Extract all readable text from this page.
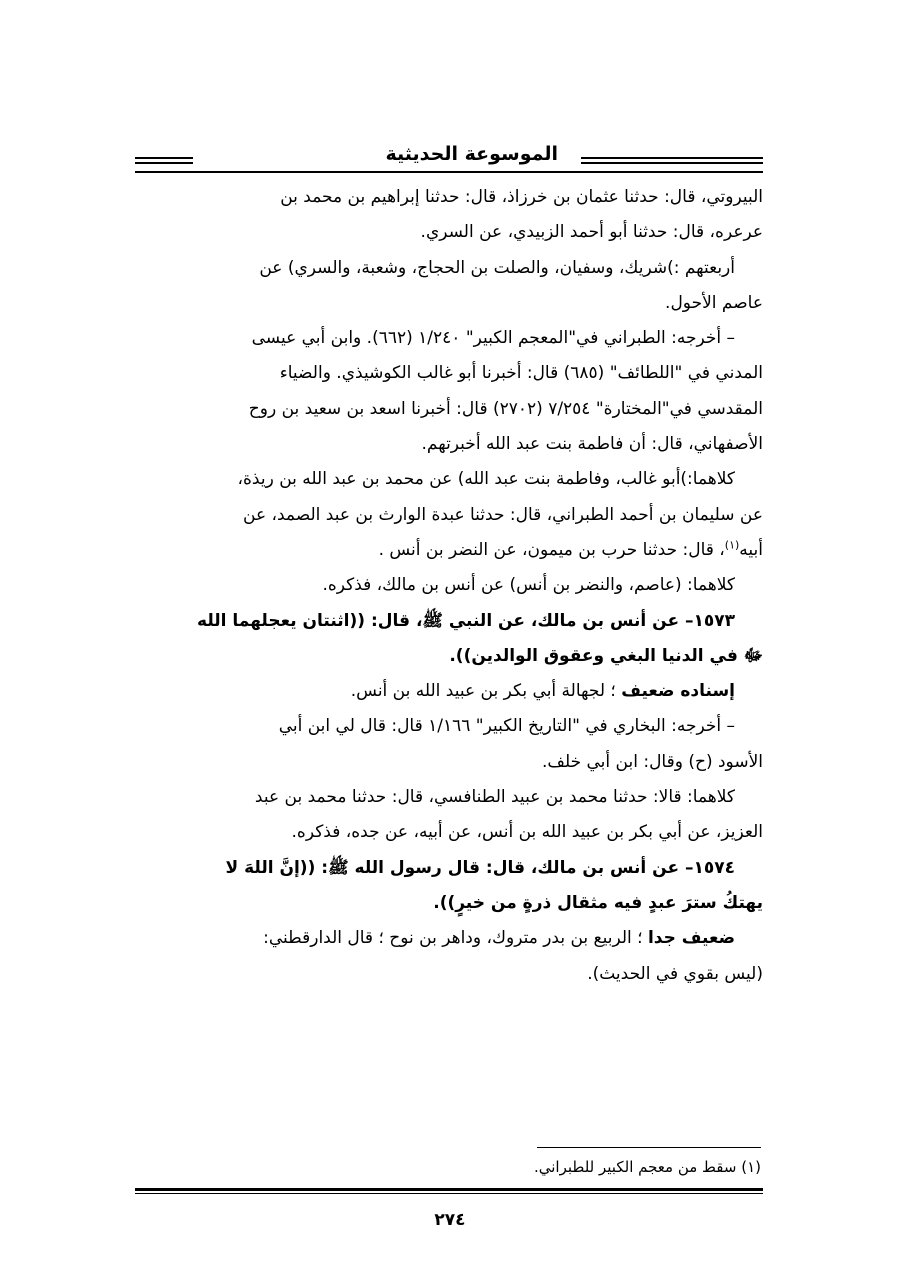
الموسوعة الحديثية

البيروتي، قال: حدثنا عثمان بن خرزاذ، قال: حدثنا إبراهيم بن محمد بن

عرعره، قال: حدثنا أبو أحمد الزبيدي، عن السري.

أربعتهم :)شريك، وسفيان، والصلت بن الحجاج، وشعبة، والسري) عن

عاصم الأحول.

– أخرجه: الطبراني في"المعجم الكبير" ١/٢٤٠ (٦٦٢). وابن أبي عيسى

المدني في "اللطائف" (٦٨٥) قال: أخبرنا أبو غالب الكوشيذي. والضياء

المقدسي في"المختارة" ٧/٢٥٤ (٢٧٠٢) قال: أخبرنا اسعد بن سعيد بن روح

الأصفهاني، قال: أن فاطمة بنت عبد الله أخبرتهم.

كلاهما:)أبو غالب، وفاطمة بنت عبد الله) عن محمد بن عبد الله بن ريذة،

عن سليمان بن أحمد الطبراني، قال: حدثنا عبدة الوارث بن عبد الصمد، عن

أبيه$^{(١)}$، قال: حدثنا حرب بن ميمون، عن النضر بن أنس .

كلاهما: (عاصم، والنضر بن أنس) عن أنس بن مالك، فذكره.

١٥٧٣– عن أنس بن مالك، عن النبي ﷺ، قال: ((اثنتان يعجلهما الله

ﷻ في الدنيا البغي وعقوق الوالدين)).

إسناده ضعيف ؛ لجهالة أبي بكر بن عبيد الله بن أنس.

– أخرجه: البخاري في "التاريخ الكبير" ١/١٦٦ قال: قال لي ابن أبي

الأسود (ح) وقال: ابن أبي خلف.

كلاهما: قالا: حدثنا محمد بن عبيد الطنافسي، قال: حدثنا محمد بن عبد

العزيز، عن أبي بكر بن عبيد الله بن أنس، عن أبيه، عن جده، فذكره.

١٥٧٤– عن أنس بن مالك، قال: قال رسول الله ﷺ: ((إنَّ اللهَ لا

يهتكُ سترَ عبدٍ فيه مثقال ذرةٍ من خيرٍ)).

ضعيف جدا ؛ الربيع بن بدر متروك، وداهر بن نوح ؛ قال الدارقطني:

(ليس بقوي في الحديث).

(١) سقط من معجم الكبير للطبراني.
٢٧٤
